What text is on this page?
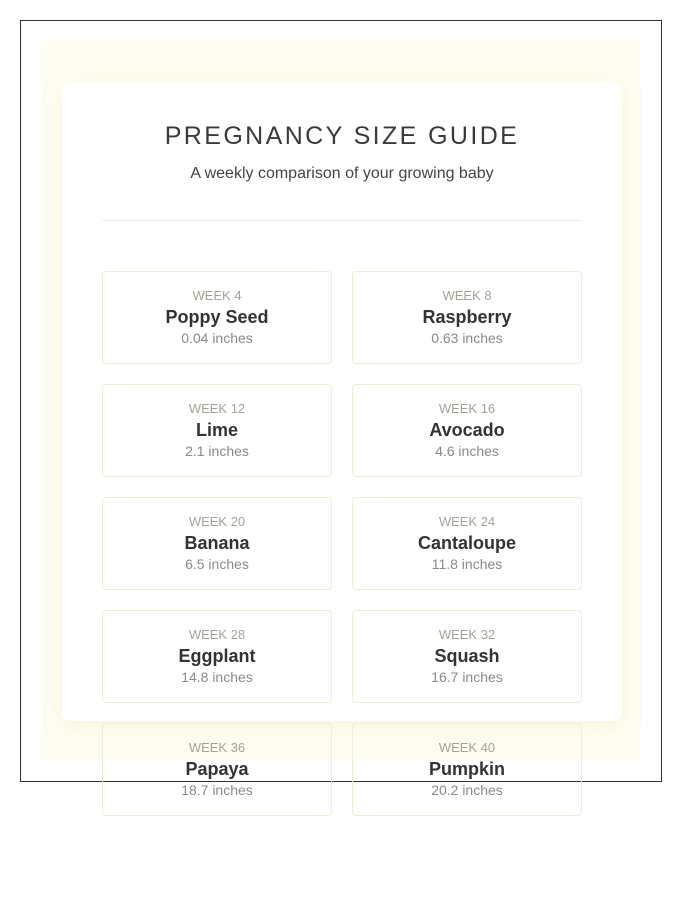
PREGNANCY SIZE GUIDE

A weekly comparison of your growing baby

WEEK 4
Poppy Seed
0.04 inches
WEEK 8
Raspberry
0.63 inches
WEEK 12
Lime
2.1 inches
WEEK 16
Avocado
4.6 inches
WEEK 20
Banana
6.5 inches
WEEK 24
Cantaloupe
11.8 inches
WEEK 28
Eggplant
14.8 inches
WEEK 32
Squash
16.7 inches
WEEK 36
Papaya
18.7 inches
WEEK 40
Pumpkin
20.2 inches
